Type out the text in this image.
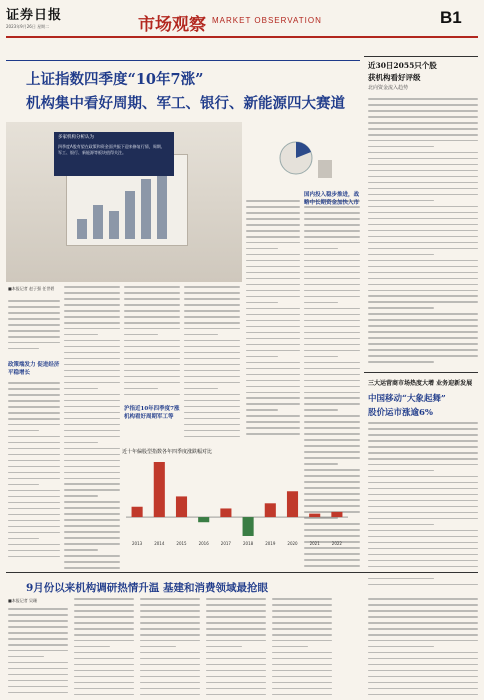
证券日报
2023年9月26日 星期二	市场观察 MARKET OBSERVATION	B1
上证指数四季度“10年7涨”
机构集中看好周期、军工、银行、新能源四大赛道
多家机构分析认为
四季度A股有望在政策和资金面共振下迎来修复行情，周期、军工、银行、新能源等板块值得关注。
■本报记者 赵子强 任世碧
政策端发力 促进经济平稳增长
沪指近10年四季度7涨 机构看好周期军工等
国内投入稳步推进，战略中长期资金加快入市
近30日2055只个股
获机构看好评级
北向资金流入趋势
三大运营商市场热度大增 业务迎新发展
中国移动“大象起舞”
股价运市涨逾6%
近十年偏股型指数各年四季度涨跌幅对比
2013	2014	2015	2016	2017	2018	2019	2020	2021	2022
9月份以来机构调研热情升温 基建和消费领域最抢眼
■本报记者 吴珊
